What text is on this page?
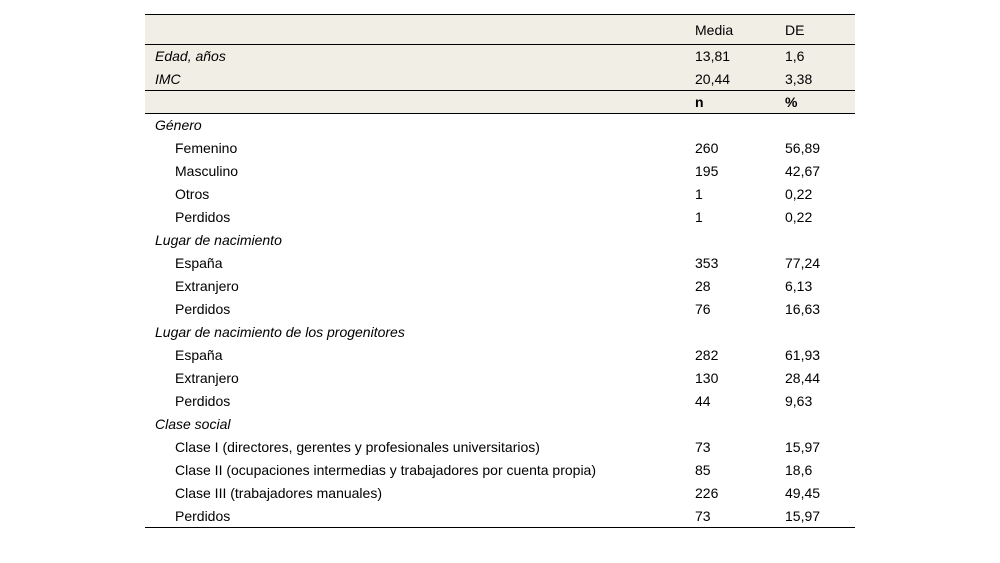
	Media	DE
Edad, años	13,81	1,6
IMC	20,44	3,38
	n	%
Género		
Femenino	260	56,89
Masculino	195	42,67
Otros	1	0,22
Perdidos	1	0,22
Lugar de nacimiento		
España	353	77,24
Extranjero	28	6,13
Perdidos	76	16,63
Lugar de nacimiento de los progenitores		
España	282	61,93
Extranjero	130	28,44
Perdidos	44	9,63
Clase social		
Clase I (directores, gerentes y profesionales universitarios)	73	15,97
Clase II (ocupaciones intermedias y trabajadores por cuenta propia)	85	18,6
Clase III (trabajadores manuales)	226	49,45
Perdidos	73	15,97
